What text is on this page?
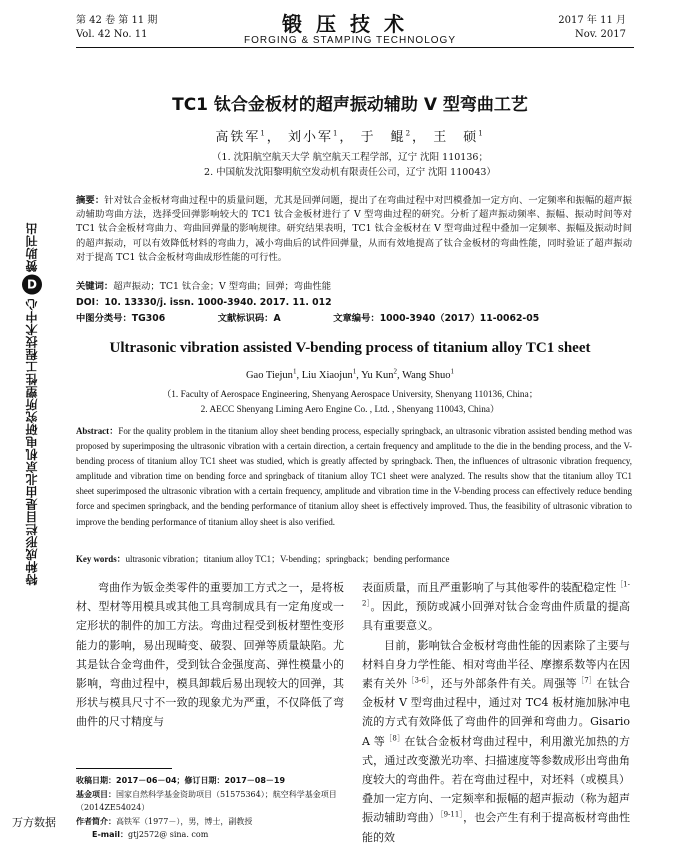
第 42 卷 第 11 期
Vol. 42 No. 11	锻压技术
FORGING & STAMPING TECHNOLOGY
2017 年 11 月
Nov. 2017
TC1 钛合金板材的超声振动辅助 V 型弯曲工艺
高铁军$^1$， 刘小军$^1$， 于　鲲$^2$， 王　硕$^1$
（1. 沈阳航空航天大学 航空航天工程学部，辽宁 沈阳 110136；
2. 中国航发沈阳黎明航空发动机有限责任公司，辽宁 沈阳 110043）
摘要：针对钛合金板材弯曲过程中的质量问题，尤其是回弹问题，提出了在弯曲过程中对凹模叠加一定方向、一定频率和振幅的超声振动辅助弯曲方法，选择受回弹影响较大的 TC1 钛合金板材进行了 V 型弯曲过程的研究。分析了超声振动频率、振幅、振动时间等对 TC1 钛合金板材弯曲力、弯曲回弹量的影响规律。研究结果表明，TC1 钛合金板材在 V 型弯曲过程中叠加一定频率、振幅及振动时间的超声振动，可以有效降低材料的弯曲力，减小弯曲后的试件回弹量，从而有效地提高了钛合金板材的弯曲性能，同时验证了超声振动对于提高 TC1 钛合金板材弯曲成形性能的可行性。
关键词：超声振动；TC1 钛合金；V 型弯曲；回弹；弯曲性能
DOI：10. 13330/j. issn. 1000-3940. 2017. 11. 012
中图分类号：TG306	文献标识码：A	文章编号：1000-3940（2017）11-0062-05
Ultrasonic vibration assisted V-bending process of titanium alloy TC1 sheet
Gao Tiejun$^1$, Liu Xiaojun$^1$, Yu Kun$^2$, Wang Shuo$^1$
（1. Faculty of Aerospace Engineering, Shenyang Aerospace University, Shenyang 110136, China；
2. AECC Shenyang Liming Aero Engine Co. , Ltd. , Shenyang 110043, China）
Abstract：For the quality problem in the titanium alloy sheet bending process, especially springback, an ultrasonic vibration assisted bending method was proposed by superimposing the ultrasonic vibration with a certain direction, a certain frequency and amplitude to the die in the bending process, and the V-bending process of titanium alloy TC1 sheet was studied, which is greatly affected by springback. Then, the influences of ultrasonic vibration frequency, amplitude and vibration time on bending force and springback of titanium alloy TC1 sheet were analyzed. The results show that the titanium alloy TC1 sheet superimposed the ultrasonic vibration with a certain frequency, amplitude and vibration time in the V-bending process can effectively reduce bending force and specimen springback, and the bending performance of titanium alloy sheet is effectively improved. Thus, the feasibility of ultrasonic vibration to improve the bending performance of titanium alloy sheet is also verified.
Key words：ultrasonic vibration；titanium alloy TC1；V-bending；springback；bending performance

弯曲作为钣金类零件的重要加工方式之一，是将板材、型材等用模具或其他工具弯制成具有一定角度或一定形状的制件的加工方法。弯曲过程受到板材塑性变形能力的影响，易出现畸变、破裂、回弹等质量缺陷。尤其是钛合金弯曲件，受到钛合金强度高、弹性模量小的影响，弯曲过程中，模具卸载后易出现较大的回弹，其形状与模具尺寸不一致的现象尤为严重，不仅降低了弯曲件的尺寸精度与

表面质量，而且严重影响了与其他零件的装配稳定性$^{[1-2]}$。因此，预防或减小回弹对钛合金弯曲件质量的提高具有重要意义。

目前，影响钛合金板材弯曲性能的因素除了主要与材料自身力学性能、相对弯曲半径、摩擦系数等内在因素有关外$^{[3-6]}$，还与外部条件有关。周强等$^{[7]}$在钛合金板材 V 型弯曲过程中，通过对 TC4 板材施加脉冲电流的方式有效降低了弯曲件的回弹和弯曲力。Gisario A 等$^{[8]}$在钛合金板材弯曲过程中，利用激光加热的方式，通过改变激光功率、扫描速度等参数成形出弯曲角度较大的弯曲件。若在弯曲过程中，对坯料（或模具）叠加一定方向、一定频率和振幅的超声振动（称为超声振动辅助弯曲）$^{[9-11]}$，也会产生有利于提高板材弯曲性能的效

收稿日期：2017－06－04；修订日期：2017－08－19
基金项目：国家自然科学基金资助项目（51575364）；航空科学基金项目（2014ZE54024）
作者简介：高铁军（1977－），男，博士，副教授
E-mail：gtj2572@ sina. com
特种成形栏目是由北京机电研究所塑性工程技术中心D赞助刊出
万方数据
